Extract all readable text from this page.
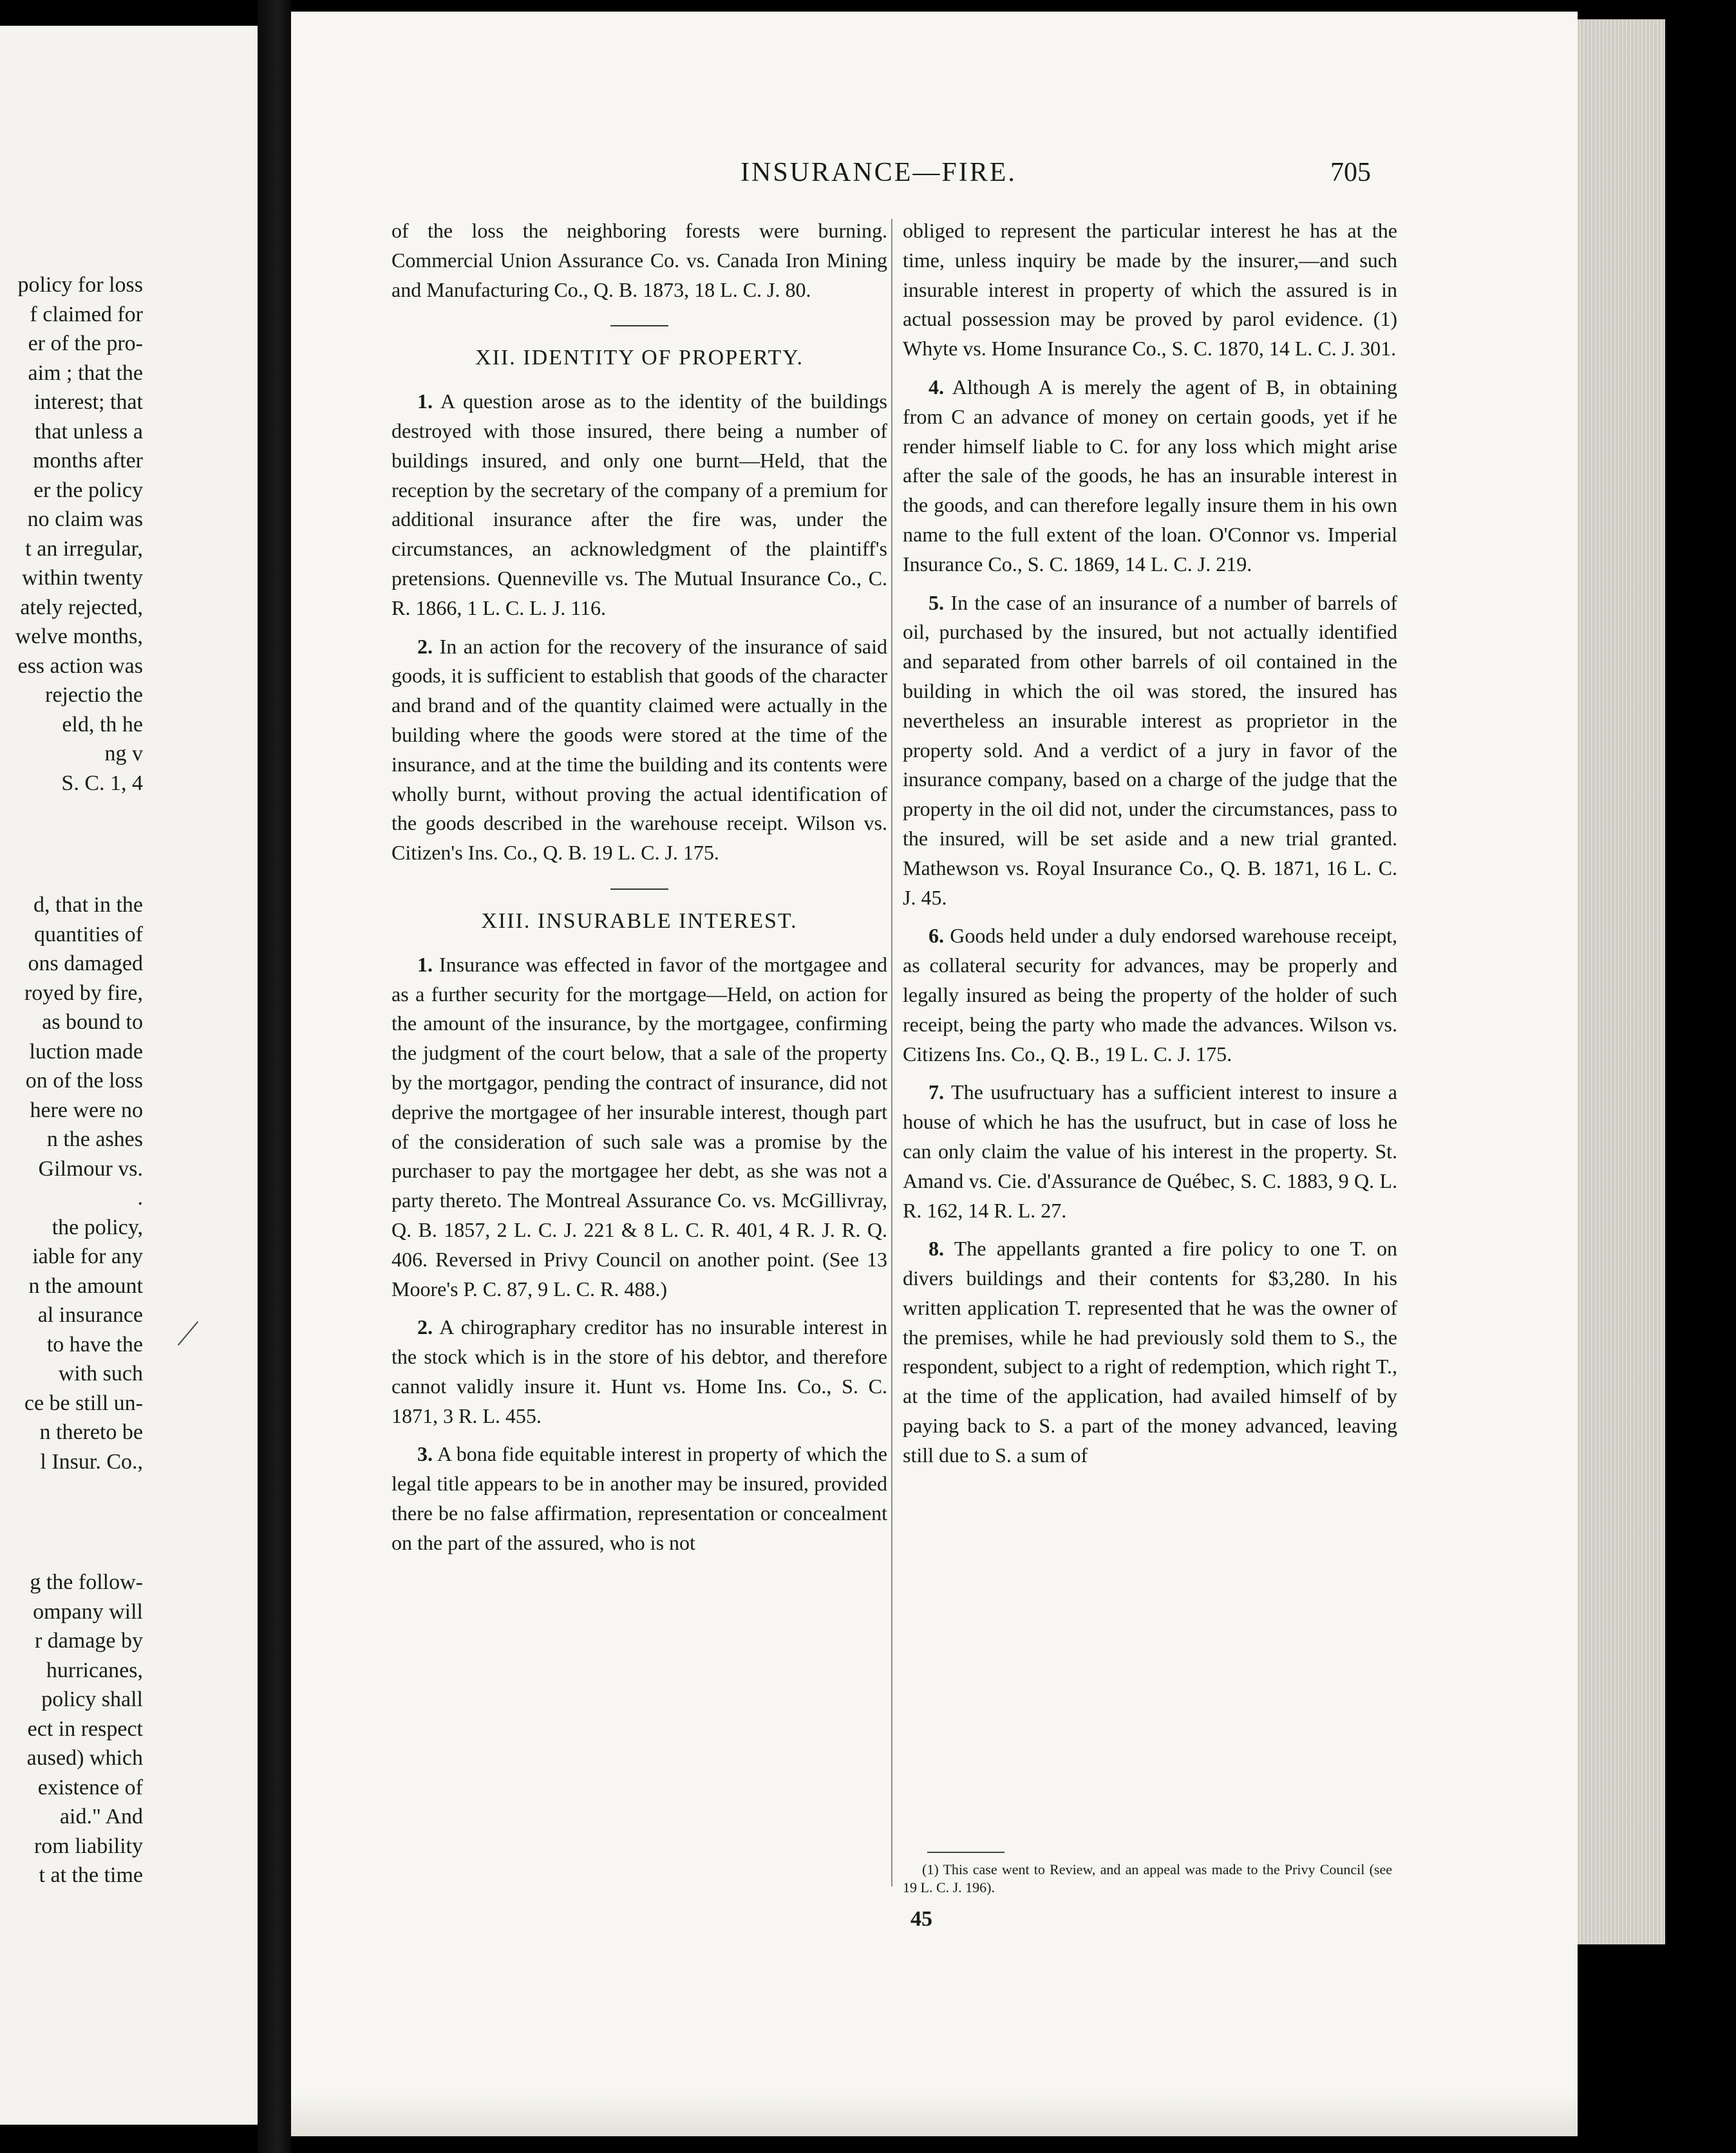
policy for loss
f claimed for
er of the pro-
aim ; that the
interest; that
that unless a
months after
er the policy
no claim was
t an irregular,
within twenty
ately rejected,
welve months,
ess action was
rejectio the
eld, th he
ng v
S. C. 1, 4
d, that in the
quantities of
ons damaged
royed by fire,
as bound to
luction made
on of the loss
here were no
n the ashes
Gilmour vs.
.
the policy,
iable for any
n the amount
al insurance
to have the
with such
ce be still un-
n thereto be
l Insur. Co.,
g the follow-
ompany will
r damage by
hurricanes,
policy shall
ect in respect
aused) which
existence of
aid." And
rom liability
t at the time
INSURANCE—FIRE.	705

of the loss the neighboring forests were burning. Commercial Union Assurance Co. vs. Canada Iron Mining and Manufacturing Co., Q. B. 1873, 18 L. C. J. 80.

XII. IDENTITY OF PROPERTY.

1. A question arose as to the identity of the buildings destroyed with those insured, there being a number of buildings insured, and only one burnt—Held, that the reception by the secretary of the company of a premium for additional insurance after the fire was, under the circumstances, an acknowledgment of the plaintiff's pretensions. Quenneville vs. The Mutual Insurance Co., C. R. 1866, 1 L. C. L. J. 116.

2. In an action for the recovery of the insurance of said goods, it is sufficient to establish that goods of the character and brand and of the quantity claimed were actually in the building where the goods were stored at the time of the insurance, and at the time the building and its contents were wholly burnt, without proving the actual identification of the goods described in the warehouse receipt. Wilson vs. Citizen's Ins. Co., Q. B. 19 L. C. J. 175.

XIII. INSURABLE INTEREST.

1. Insurance was effected in favor of the mortgagee and as a further security for the mortgage—Held, on action for the amount of the insurance, by the mortgagee, confirming the judgment of the court below, that a sale of the property by the mortgagor, pending the contract of insurance, did not deprive the mortgagee of her insurable interest, though part of the consideration of such sale was a promise by the purchaser to pay the mortgagee her debt, as she was not a party thereto. The Montreal Assurance Co. vs. McGillivray, Q. B. 1857, 2 L. C. J. 221 & 8 L. C. R. 401, 4 R. J. R. Q. 406. Reversed in Privy Council on another point. (See 13 Moore's P. C. 87, 9 L. C. R. 488.)

2. A chirographary creditor has no insurable interest in the stock which is in the store of his debtor, and therefore cannot validly insure it. Hunt vs. Home Ins. Co., S. C. 1871, 3 R. L. 455.

3. A bona fide equitable interest in property of which the legal title appears to be in another may be insured, provided there be no false affirmation, representation or concealment on the part of the assured, who is not

obliged to represent the particular interest he has at the time, unless inquiry be made by the insurer,—and such insurable interest in property of which the assured is in actual possession may be proved by parol evidence. (1) Whyte vs. Home Insurance Co., S. C. 1870, 14 L. C. J. 301.

4. Although A is merely the agent of B, in obtaining from C an advance of money on certain goods, yet if he render himself liable to C. for any loss which might arise after the sale of the goods, he has an insurable interest in the goods, and can therefore legally insure them in his own name to the full extent of the loan. O'Connor vs. Imperial Insurance Co., S. C. 1869, 14 L. C. J. 219.

5. In the case of an insurance of a number of barrels of oil, purchased by the insured, but not actually identified and separated from other barrels of oil contained in the building in which the oil was stored, the insured has nevertheless an insurable interest as proprietor in the property sold. And a verdict of a jury in favor of the insurance company, based on a charge of the judge that the property in the oil did not, under the circumstances, pass to the insured, will be set aside and a new trial granted. Mathewson vs. Royal Insurance Co., Q. B. 1871, 16 L. C. J. 45.

6. Goods held under a duly endorsed warehouse receipt, as collateral security for advances, may be properly and legally insured as being the property of the holder of such receipt, being the party who made the advances. Wilson vs. Citizens Ins. Co., Q. B., 19 L. C. J. 175.

7. The usufructuary has a sufficient interest to insure a house of which he has the usufruct, but in case of loss he can only claim the value of his interest in the property. St. Amand vs. Cie. d'Assurance de Québec, S. C. 1883, 9 Q. L. R. 162, 14 R. L. 27.

8. The appellants granted a fire policy to one T. on divers buildings and their contents for $3,280. In his written application T. represented that he was the owner of the premises, while he had previously sold them to S., the respondent, subject to a right of redemption, which right T., at the time of the application, had availed himself of by paying back to S. a part of the money advanced, leaving still due to S. a sum of

(1) This case went to Review, and an appeal was made to the Privy Council (see 19 L. C. J. 196).
45
